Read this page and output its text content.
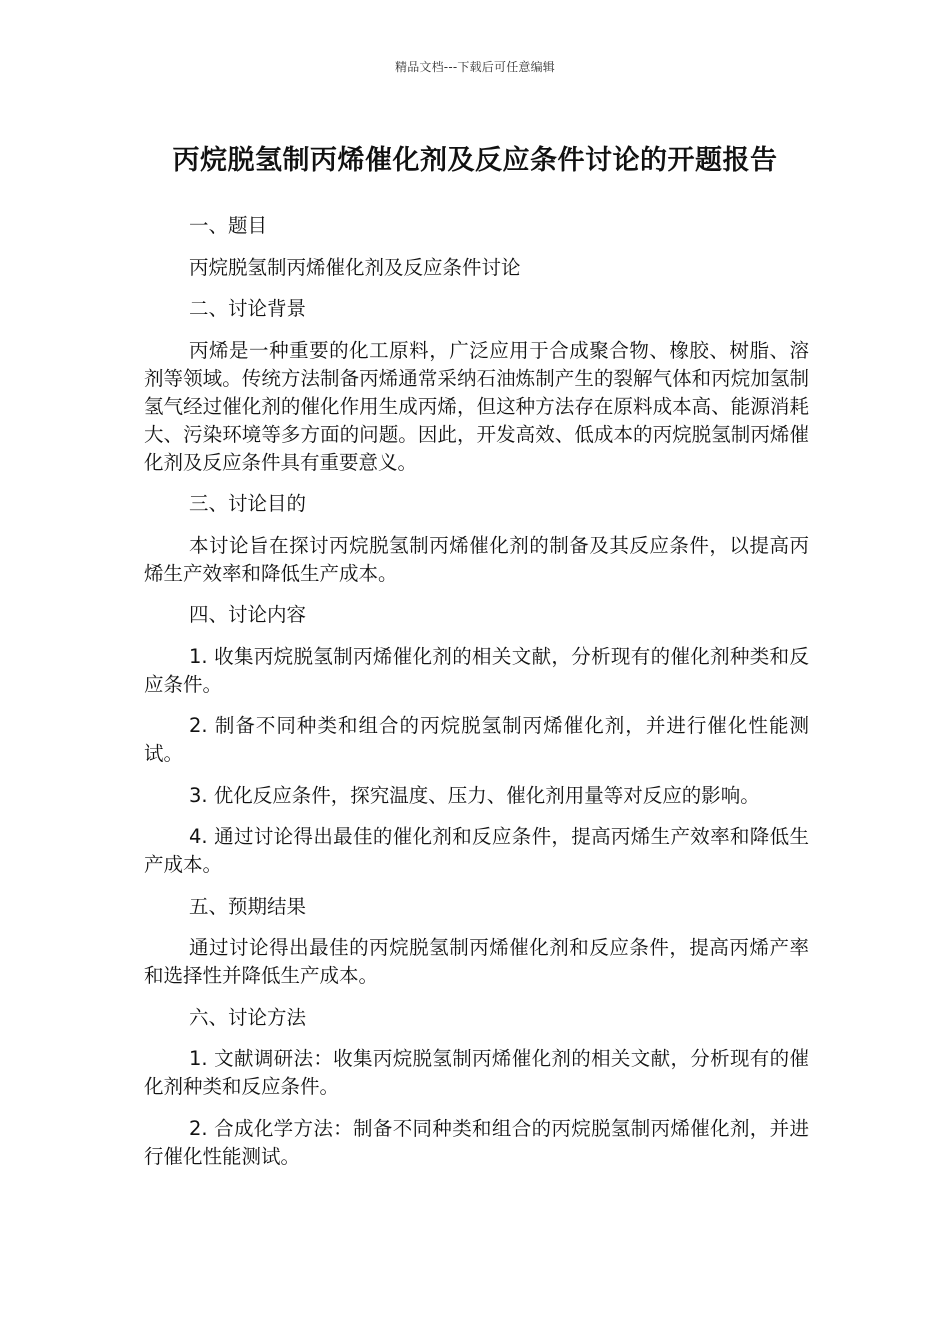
精品文档---下载后可任意编辑
丙烷脱氢制丙烯催化剂及反应条件讨论的开题报告

一、题目

丙烷脱氢制丙烯催化剂及反应条件讨论

二、讨论背景

丙烯是一种重要的化工原料，广泛应用于合成聚合物、橡胶、树脂、溶剂等领域。传统方法制备丙烯通常采纳石油炼制产生的裂解气体和丙烷加氢制氢气经过催化剂的催化作用生成丙烯，但这种方法存在原料成本高、能源消耗大、污染环境等多方面的问题。因此，开发高效、低成本的丙烷脱氢制丙烯催化剂及反应条件具有重要意义。

三、讨论目的

本讨论旨在探讨丙烷脱氢制丙烯催化剂的制备及其反应条件，以提高丙烯生产效率和降低生产成本。

四、讨论内容

1. 收集丙烷脱氢制丙烯催化剂的相关文献，分析现有的催化剂种类和反应条件。

2. 制备不同种类和组合的丙烷脱氢制丙烯催化剂，并进行催化性能测试。

3. 优化反应条件，探究温度、压力、催化剂用量等对反应的影响。

4. 通过讨论得出最佳的催化剂和反应条件，提高丙烯生产效率和降低生产成本。

五、预期结果

通过讨论得出最佳的丙烷脱氢制丙烯催化剂和反应条件，提高丙烯产率和选择性并降低生产成本。

六、讨论方法

1. 文献调研法：收集丙烷脱氢制丙烯催化剂的相关文献，分析现有的催化剂种类和反应条件。

2. 合成化学方法：制备不同种类和组合的丙烷脱氢制丙烯催化剂，并进行催化性能测试。
